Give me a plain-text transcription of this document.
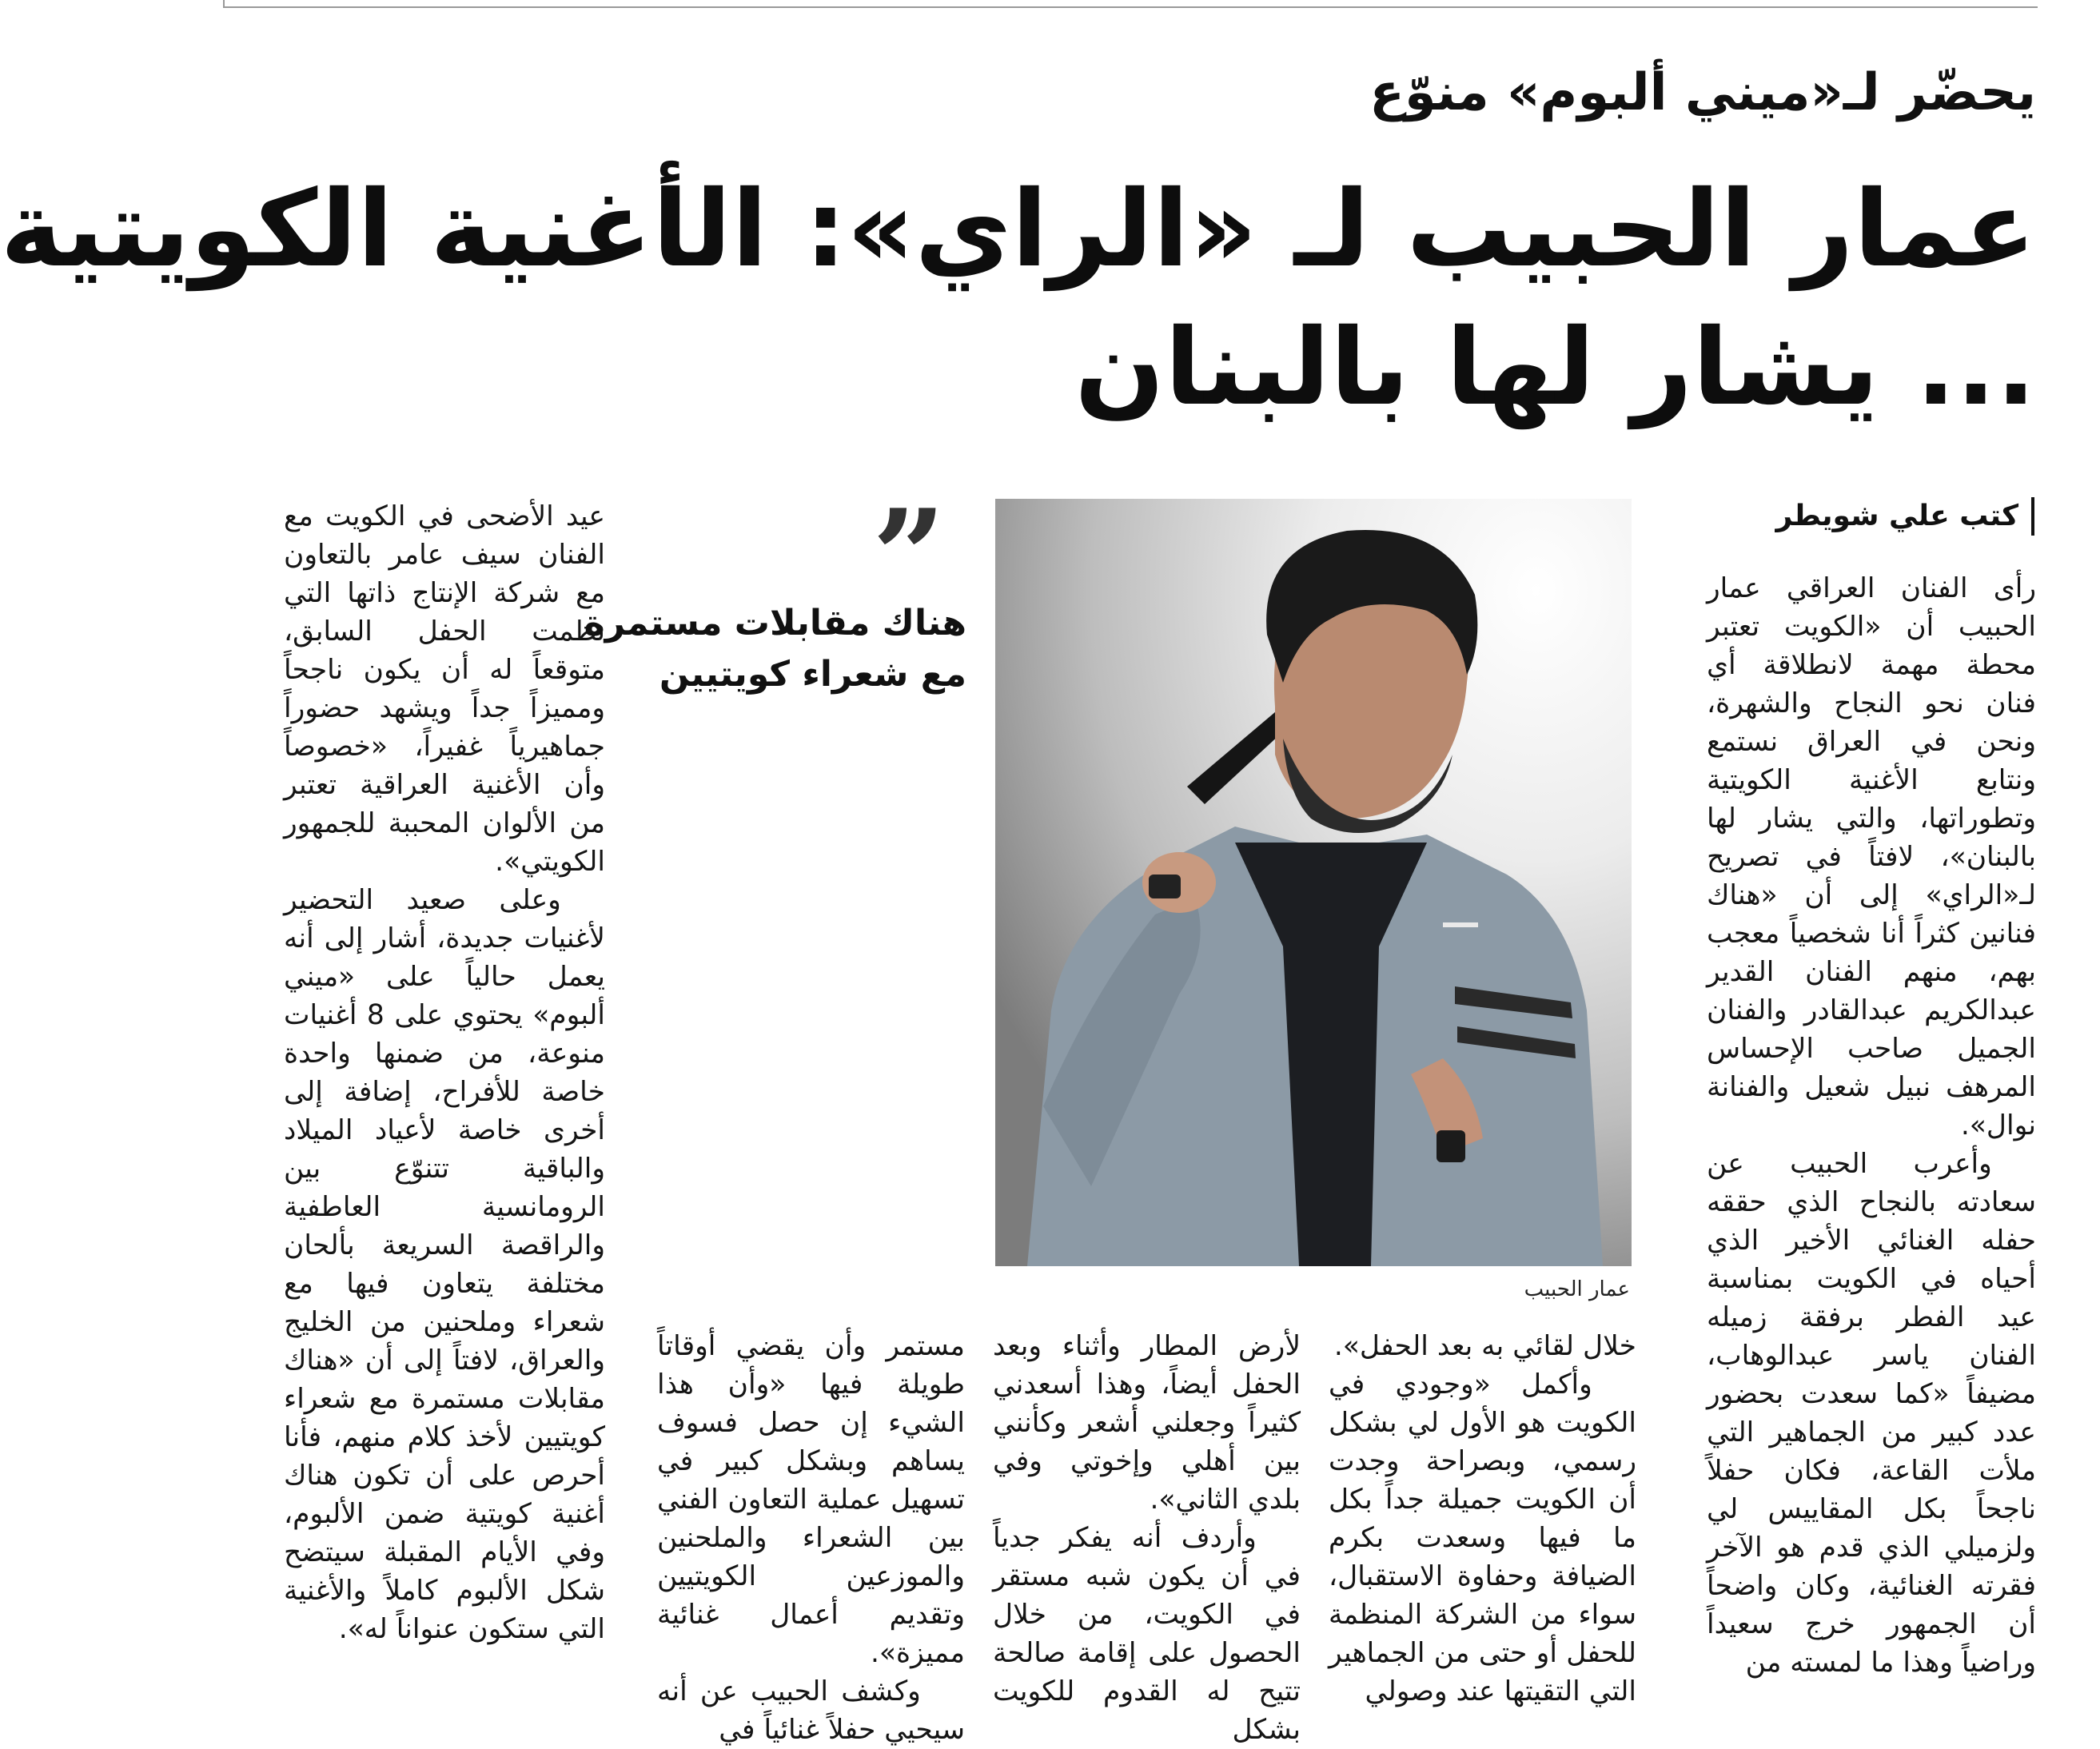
يحضّر لـ«ميني ألبوم» منوّع
عمار الحبيب لـ «الراي»: الأغنية الكويتية
... يشار لها بالبنان
كتب علي شويطر

رأى الفنان العراقي عمار الحبيب أن «الكويت تعتبر محطة مهمة لانطلاقة أي فنان نحو النجاح والشهرة، ونحن في العراق نستمع ونتابع الأغنية الكويتية وتطوراتها، والتي يشار لها بالبنان»، لافتاً في تصريح لـ«الراي» إلى أن «هناك فنانين كثراً أنا شخصياً معجب بهم، منهم الفنان القدير عبدالكريم عبدالقادر والفنان الجميل صاحب الإحساس المرهف نبيل شعيل والفنانة نوال».

وأعرب الحبيب عن سعادته بالنجاح الذي حققه حفله الغنائي الأخير الذي أحياه في الكويت بمناسبة عيد الفطر برفقة زميله الفنان ياسر عبدالوهاب، مضيفاً «كما سعدت بحضور عدد كبير من الجماهير التي ملأت القاعة، فكان حفلاً ناجحاً بكل المقاييس لي ولزميلي الذي قدم هو الآخر فقرته الغنائية، وكان واضحاً أن الجمهور خرج سعيداً وراضياً وهذا ما لمسته من

عمار الحبيب
”
هناك مقابلات مستمرة
مع شعراء كويتيين

خلال لقائي به بعد الحفل».

وأكمل «وجودي في الكويت هو الأول لي بشكل رسمي، وبصراحة وجدت أن الكويت جميلة جداً بكل ما فيها وسعدت بكرم الضيافة وحفاوة الاستقبال، سواء من الشركة المنظمة للحفل أو حتى من الجماهير التي التقيتها عند وصولي

لأرض المطار وأثناء وبعد الحفل أيضاً، وهذا أسعدني كثيراً وجعلني أشعر وكأنني بين أهلي وإخوتي وفي بلدي الثاني».

وأردف أنه يفكر جدياً في أن يكون شبه مستقر في الكويت، من خلال الحصول على إقامة صالحة تتيح له القدوم للكويت بشكل

مستمر وأن يقضي أوقاتاً طويلة فيها «وأن هذا الشيء إن حصل فسوف يساهم وبشكل كبير في تسهيل عملية التعاون الفني بين الشعراء والملحنين والموزعين الكويتيين وتقديم أعمال غنائية مميزة».

وكشف الحبيب عن أنه سيحيي حفلاً غنائياً في

عيد الأضحى في الكويت مع الفنان سيف عامر بالتعاون مع شركة الإنتاج ذاتها التي نظمت الحفل السابق، متوقعاً له أن يكون ناجحاً ومميزاً جداً ويشهد حضوراً جماهيرياً غفيراً، «خصوصاً وأن الأغنية العراقية تعتبر من الألوان المحببة للجمهور الكويتي».

وعلى صعيد التحضير لأغنيات جديدة، أشار إلى أنه يعمل حالياً على «ميني ألبوم» يحتوي على 8 أغنيات منوعة، من ضمنها واحدة خاصة للأفراح، إضافة إلى أخرى خاصة لأعياد الميلاد والباقية تتنوّع بين الرومانسية العاطفية والراقصة السريعة بألحان مختلفة يتعاون فيها مع شعراء وملحنين من الخليج والعراق، لافتاً إلى أن «هناك مقابلات مستمرة مع شعراء كويتيين لأخذ كلام منهم، فأنا أحرص على أن تكون هناك أغنية كويتية ضمن الألبوم، وفي الأيام المقبلة سيتضح شكل الألبوم كاملاً والأغنية التي ستكون عنواناً له».
